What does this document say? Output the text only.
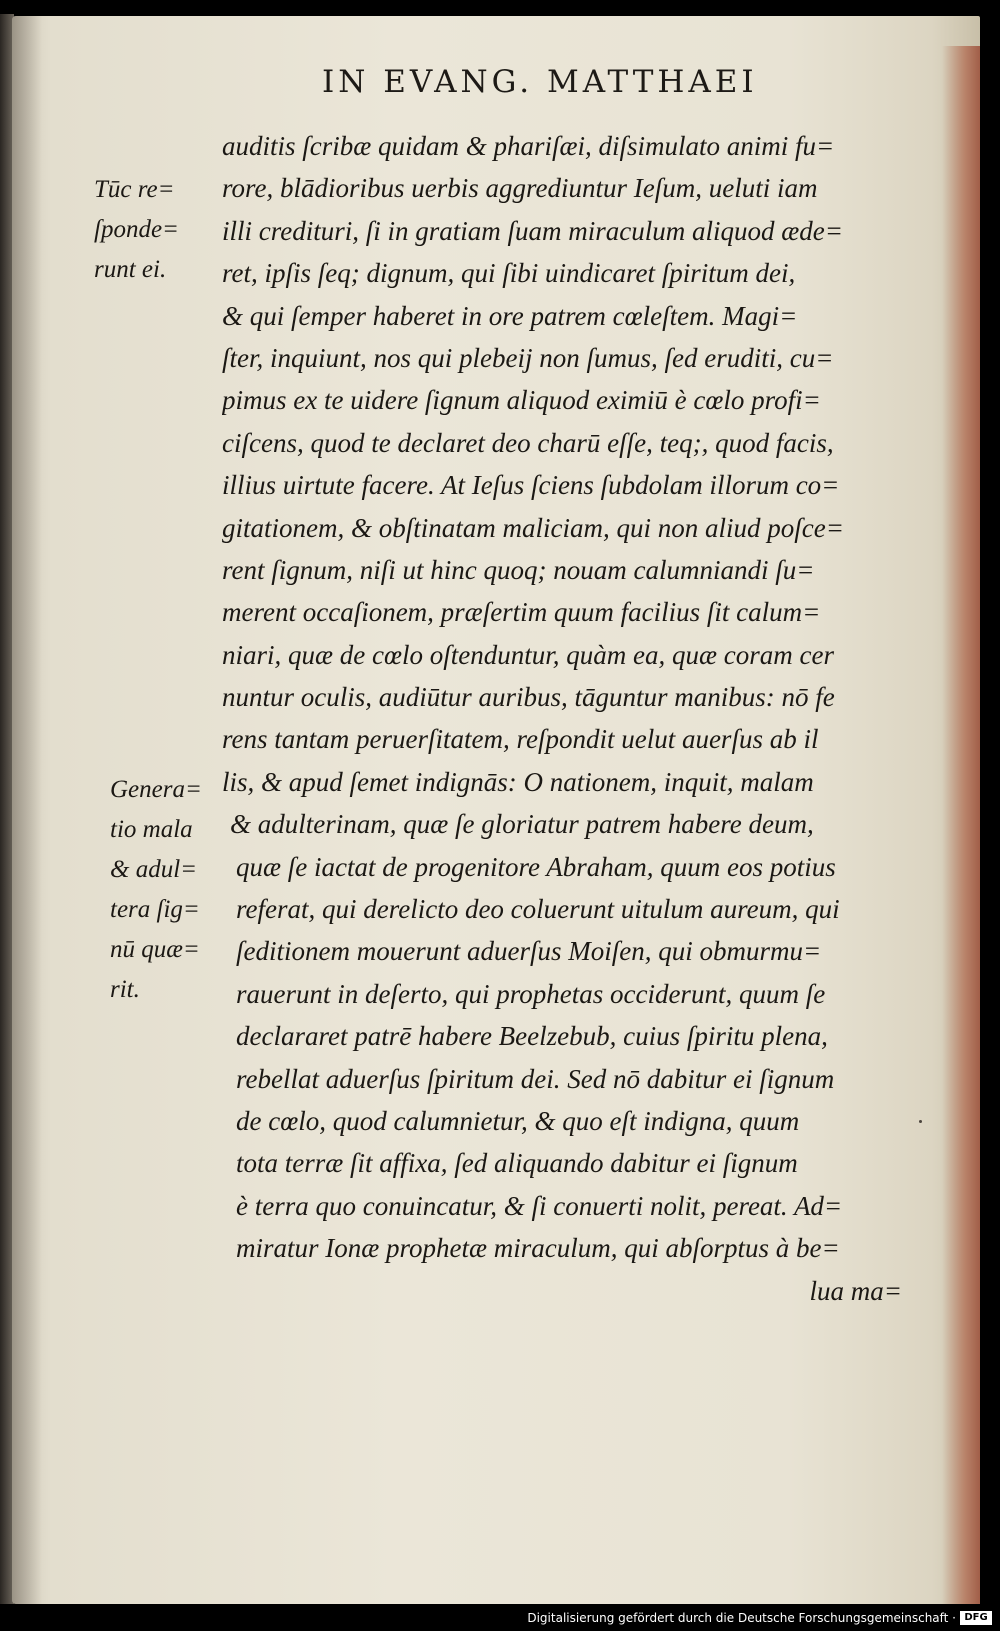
IN EVANG. MATTHAEI
Tūc re=
ſponde=
runt ei.
Genera=
tio mala
& adul=
tera ſig=
nū quæ=
rit.
auditis ſcribæ quidam & phariſæi, diſsimulato animi fu=
rore, blādioribus uerbis aggrediuntur Ieſum, ueluti iam
illi credituri, ſi in gratiam ſuam miraculum aliquod æde=
ret, ipſis ſeq; dignum, qui ſibi uindicaret ſpiritum dei,
& qui ſemper haberet in ore patrem cœleſtem. Magi=
ſter, inquiunt, nos qui plebeij non ſumus, ſed eruditi, cu=
pimus ex te uidere ſignum aliquod eximiū è cœlo profi=
ciſcens, quod te declaret deo charū eſſe, teq;, quod facis,
illius uirtute facere. At Ieſus ſciens ſubdolam illorum co=
gitationem, & obſtinatam maliciam, qui non aliud poſce=
rent ſignum, niſi ut hinc quoq; nouam calumniandi ſu=
merent occaſionem, præſertim quum facilius ſit calum=
niari, quæ de cœlo oſtenduntur, quàm ea, quæ coram cer
nuntur oculis, audiūtur auribus, tāguntur manibus: nō fe
rens tantam peruerſitatem, reſpondit uelut auerſus ab il
lis, & apud ſemet indignās: O nationem, inquit, malam
& adulterinam, quæ ſe gloriatur patrem habere deum,
quæ ſe iactat de progenitore Abraham, quum eos potius
referat, qui derelicto deo coluerunt uitulum aureum, qui
ſeditionem mouerunt aduerſus Moiſen, qui obmurmu=
rauerunt in deſerto, qui prophetas occiderunt, quum ſe
declararet patrē habere Beelzebub, cuius ſpiritu plena,
rebellat aduerſus ſpiritum dei. Sed nō dabitur ei ſignum
de cœlo, quod calumnietur, & quo eſt indigna, quum
tota terræ ſit affixa, ſed aliquando dabitur ei ſignum
è terra quo conuincatur, & ſi conuerti nolit, pereat. Ad=
miratur Ionæ prophetæ miraculum, qui abſorptus à be=
lua ma=
Digitalisierung gefördert durch die Deutsche Forschungsgemeinschaft · DFG
